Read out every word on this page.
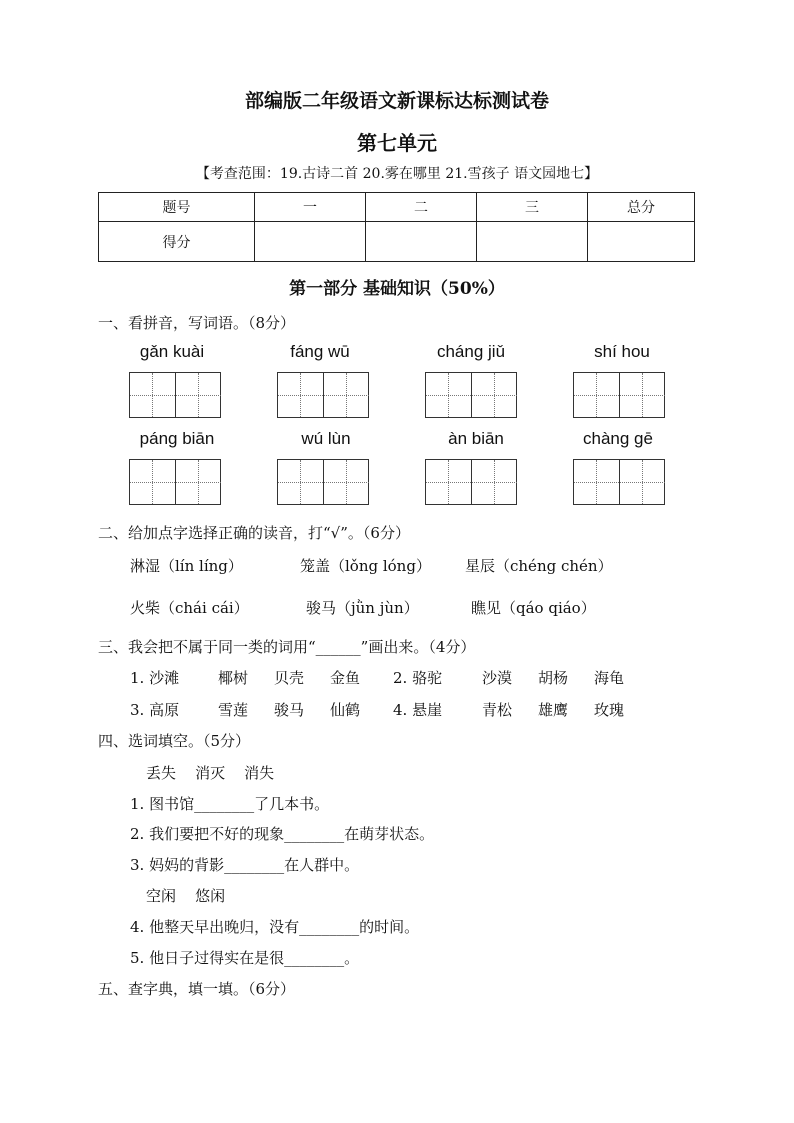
部编版二年级语文新课标达标测试卷
第七单元
【考查范围：19.古诗二首 20.雾在哪里 21.雪孩子 语文园地七】
题号	一	二	三	总分
得分				
第一部分 基础知识（50%）
一、看拼音，写词语。（8分）
gǎn kuài	fáng wū	cháng jiǔ	shí hou
páng biān	wú lùn	àn biān	chàng gē
二、给加点字选择正确的读音，打“√”。（6分）
淋湿（lín líng）	笼盖（lǒng lóng） 星辰（chéng chén）
火柴（chái cái）	骏马（jǜn jùn）	瞧见（qáo qiáo）
三、我会把不属于同一类的词用“______”画出来。（4分）
1. 沙滩	椰树 贝壳 金鱼 2. 骆驼	沙漠 胡杨 海龟
3. 高原	雪莲 骏马 仙鹤 4. 悬崖	青松 雄鹰 玫瑰
四、选词填空。（5分）
丢失    消灭    消失
1. 图书馆________了几本书。
2. 我们要把不好的现象________在萌芽状态。
3. 妈妈的背影________在人群中。
空闲    悠闲
4. 他整天早出晚归，没有________的时间。
5. 他日子过得实在是很________。
五、查字典，填一填。（6分）
